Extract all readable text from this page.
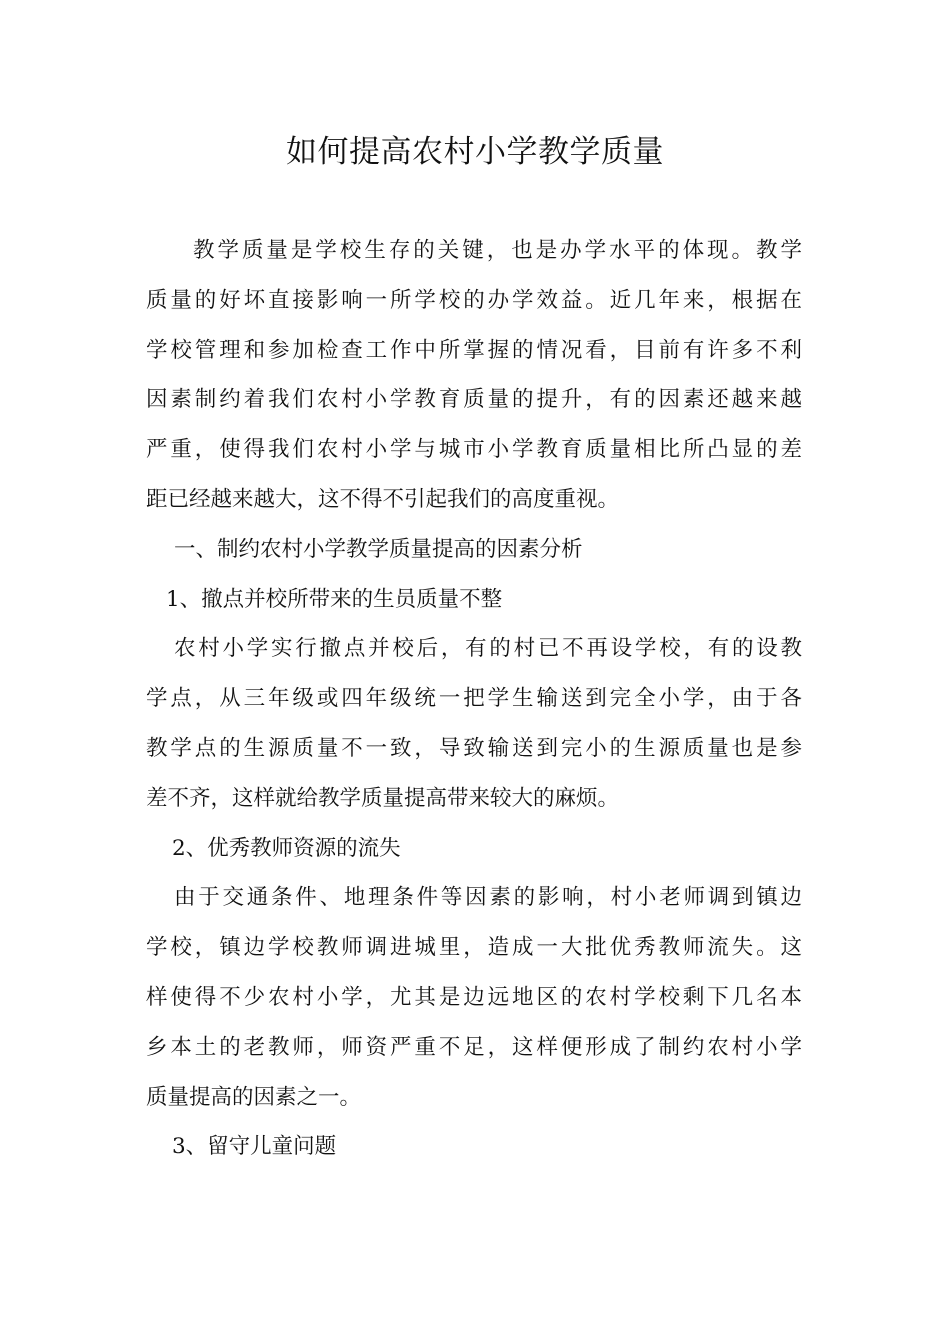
如何提高农村小学教学质量
教学质量是学校生存的关键，也是办学水平的体现。教学
质量的好坏直接影响一所学校的办学效益。近几年来，根据在
学校管理和参加检查工作中所掌握的情况看，目前有许多不利
因素制约着我们农村小学教育质量的提升，有的因素还越来越
严重，使得我们农村小学与城市小学教育质量相比所凸显的差
距已经越来越大，这不得不引起我们的高度重视。
一、制约农村小学教学质量提高的因素分析
1、撤点并校所带来的生员质量不整
农村小学实行撤点并校后，有的村已不再设学校，有的设教
学点，从三年级或四年级统一把学生输送到完全小学，由于各
教学点的生源质量不一致，导致输送到完小的生源质量也是参
差不齐，这样就给教学质量提高带来较大的麻烦。
2、优秀教师资源的流失
由于交通条件、地理条件等因素的影响，村小老师调到镇边
学校，镇边学校教师调进城里，造成一大批优秀教师流失。这
样使得不少农村小学，尤其是边远地区的农村学校剩下几名本
乡本土的老教师，师资严重不足，这样便形成了制约农村小学
质量提高的因素之一。
3、留守儿童问题
